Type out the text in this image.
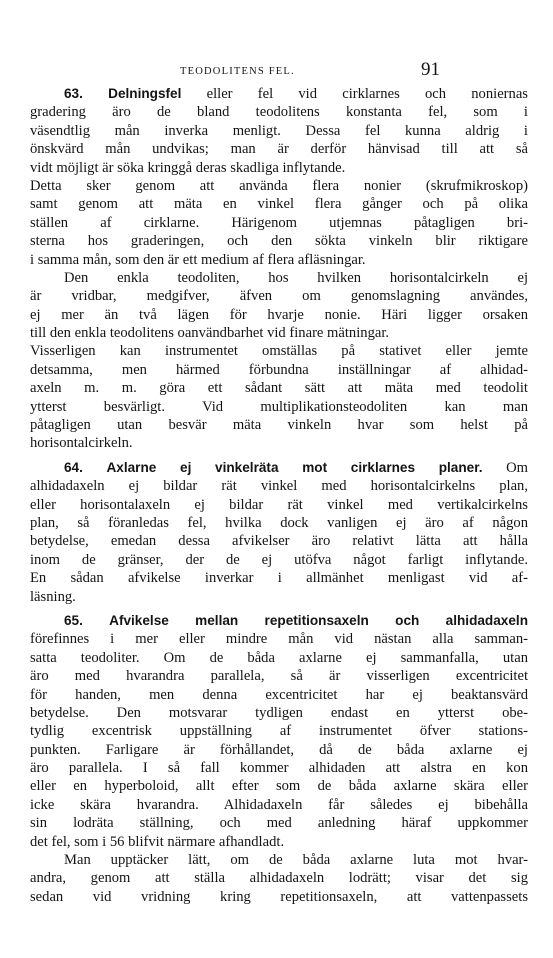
TEODOLITENS FEL.	91
63. Delningsfel eller fel vid cirklarnes och noniernas
gradering äro de bland teodolitens konstanta fel, som i
väsendtlig mån inverka menligt. Dessa fel kunna aldrig i
önskvärd mån undvikas; man är derför hänvisad till att så
vidt möjligt är söka kringgå deras skadliga inflytande.
Detta sker genom att använda flera nonier (skrufmikroskop)
samt genom att mäta en vinkel flera gånger och på olika
ställen af cirklarne. Härigenom utjemnas påtagligen bri-
sterna hos graderingen, och den sökta vinkeln blir riktigare
i samma mån, som den är ett medium af flera afläsningar.
Den enkla teodoliten, hos hvilken horisontalcirkeln ej
är vridbar, medgifver, äfven om genomslagning användes,
ej mer än två lägen för hvarje nonie. Häri ligger orsaken
till den enkla teodolitens oanvändbarhet vid finare mätningar.
Visserligen kan instrumentet omställas på stativet eller jemte
detsamma, men härmed förbundna inställningar af alhidad-
axeln m. m. göra ett sådant sätt att mäta med teodolit
ytterst besvärligt. Vid multiplikationsteodoliten kan man
påtagligen utan besvär mäta vinkeln hvar som helst på
horisontalcirkeln.
64. Axlarne ej vinkelräta mot cirklarnes planer. Om
alhidadaxeln ej bildar rät vinkel med horisontalcirkelns plan,
eller horisontalaxeln ej bildar rät vinkel med vertikalcirkelns
plan, så föranledas fel, hvilka dock vanligen ej äro af någon
betydelse, emedan dessa afvikelser äro relativt lätta att hålla
inom de gränser, der de ej utöfva något farligt inflytande.
En sådan afvikelse inverkar i allmänhet menligast vid af-
läsning.
65. Afvikelse mellan repetitionsaxeln och alhidadaxeln
förefinnes i mer eller mindre mån vid nästan alla samman-
satta teodoliter. Om de båda axlarne ej sammanfalla, utan
äro med hvarandra parallela, så är visserligen excentricitet
för handen, men denna excentricitet har ej beaktansvärd
betydelse. Den motsvarar tydligen endast en ytterst obe-
tydlig excentrisk uppställning af instrumentet öfver stations-
punkten. Farligare är förhållandet, då de båda axlarne ej
äro parallela. I så fall kommer alhidaden att alstra en kon
eller en hyperboloid, allt efter som de båda axlarne skära eller
icke skära hvarandra. Alhidadaxeln får således ej bibehålla
sin lodräta ställning, och med anledning häraf uppkommer
det fel, som i 56 blifvit närmare afhandladt.
Man upptäcker lätt, om de båda axlarne luta mot hvar-
andra, genom att ställa alhidadaxeln lodrätt; visar det sig
sedan vid vridning kring repetitionsaxeln, att vattenpassets
